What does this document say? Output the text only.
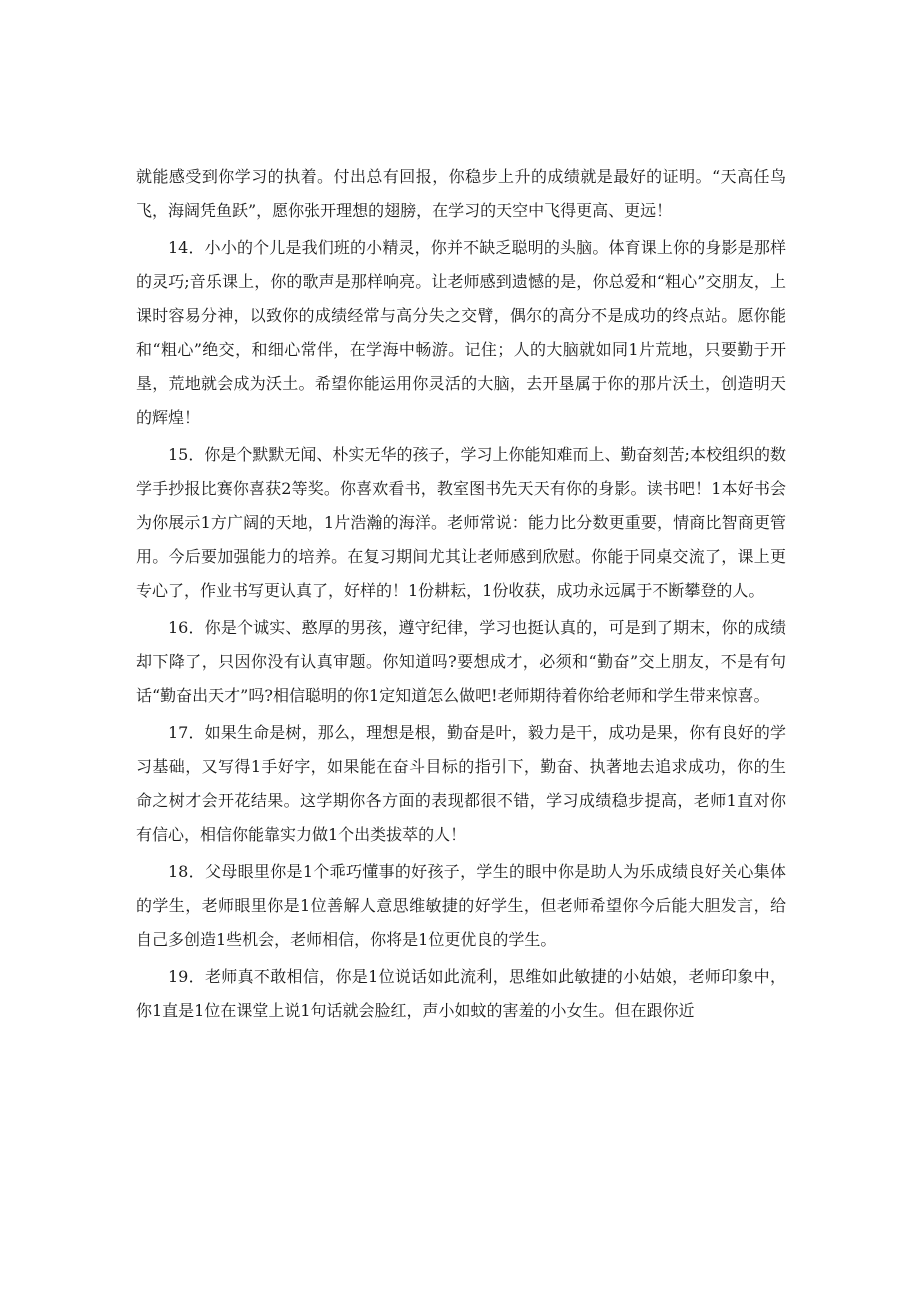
就能感受到你学习的执着。付出总有回报，你稳步上升的成绩就是最好的证明。“天高任鸟飞，海阔凭鱼跃”，愿你张开理想的翅膀，在学习的天空中飞得更高、更远！

14．小小的个儿是我们班的小精灵，你并不缺乏聪明的头脑。体育课上你的身影是那样的灵巧;音乐课上，你的歌声是那样响亮。让老师感到遗憾的是，你总爱和“粗心”交朋友，上课时容易分神，以致你的成绩经常与高分失之交臂，偶尔的高分不是成功的终点站。愿你能和“粗心”绝交，和细心常伴，在学海中畅游。记住；人的大脑就如同1片荒地，只要勤于开垦，荒地就会成为沃土。希望你能运用你灵活的大脑，去开垦属于你的那片沃土，创造明天的辉煌！

15．你是个默默无闻、朴实无华的孩子，学习上你能知难而上、勤奋刻苦;本校组织的数学手抄报比赛你喜获2等奖。你喜欢看书，教室图书先天天有你的身影。读书吧！1本好书会为你展示1方广阔的天地，1片浩瀚的海洋。老师常说：能力比分数更重要，情商比智商更管用。今后要加强能力的培养。在复习期间尤其让老师感到欣慰。你能于同桌交流了，课上更专心了，作业书写更认真了，好样的！1份耕耘，1份收获，成功永远属于不断攀登的人。

16．你是个诚实、憨厚的男孩，遵守纪律，学习也挺认真的，可是到了期末，你的成绩却下降了，只因你没有认真审题。你知道吗?要想成才，必须和“勤奋”交上朋友，不是有句话“勤奋出天才”吗?相信聪明的你1定知道怎么做吧!老师期待着你给老师和学生带来惊喜。

17．如果生命是树，那么，理想是根，勤奋是叶，毅力是干，成功是果，你有良好的学习基础，又写得1手好字，如果能在奋斗目标的指引下，勤奋、执著地去追求成功，你的生命之树才会开花结果。这学期你各方面的表现都很不错，学习成绩稳步提高，老师1直对你有信心，相信你能靠实力做1个出类拔萃的人！

18．父母眼里你是1个乖巧懂事的好孩子，学生的眼中你是助人为乐成绩良好关心集体的学生，老师眼里你是1位善解人意思维敏捷的好学生，但老师希望你今后能大胆发言，给自己多创造1些机会，老师相信，你将是1位更优良的学生。

19．老师真不敢相信，你是1位说话如此流利，思维如此敏捷的小姑娘，老师印象中，你1直是1位在课堂上说1句话就会脸红，声小如蚊的害羞的小女生。但在跟你近
